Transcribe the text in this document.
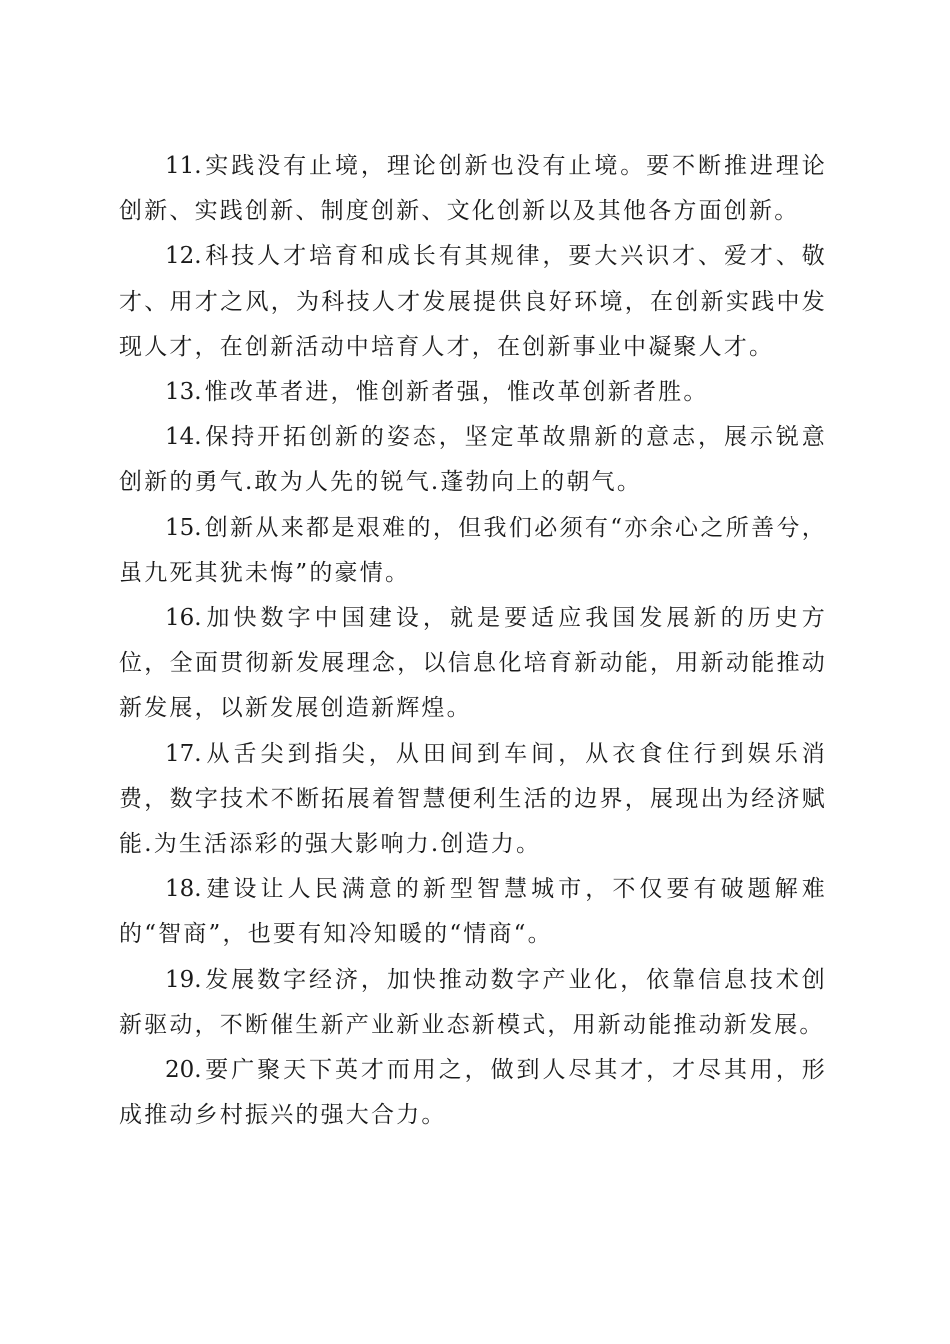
11. 实践没有止境，理论创新也没有止境。要不断推进理论创新、实践创新、制度创新、文化创新以及其他各方面创新。

12. 科技人才培育和成长有其规律，要大兴识才、爱才、敬才、用才之风，为科技人才发展提供良好环境，在创新实践中发现人才，在创新活动中培育人才，在创新事业中凝聚人才。

13. 惟改革者进，惟创新者强，惟改革创新者胜。

14. 保持开拓创新的姿态，坚定革故鼎新的意志，展示锐意创新的勇气.敢为人先的锐气.蓬勃向上的朝气。

15. 创新从来都是艰难的，但我们必须有“亦余心之所善兮，虽九死其犹未悔”的豪情。

16. 加快数字中国建设，就是要适应我国发展新的历史方位，全面贯彻新发展理念，以信息化培育新动能，用新动能推动新发展，以新发展创造新辉煌。

17. 从舌尖到指尖，从田间到车间，从衣食住行到娱乐消费，数字技术不断拓展着智慧便利生活的边界，展现出为经济赋能.为生活添彩的强大影响力.创造力。

18. 建设让人民满意的新型智慧城市，不仅要有破题解难的“智商”，也要有知冷知暖的“情商“。

19. 发展数字经济，加快推动数字产业化，依靠信息技术创新驱动，不断催生新产业新业态新模式，用新动能推动新发展。

20. 要广聚天下英才而用之，做到人尽其才，才尽其用，形成推动乡村振兴的强大合力。
